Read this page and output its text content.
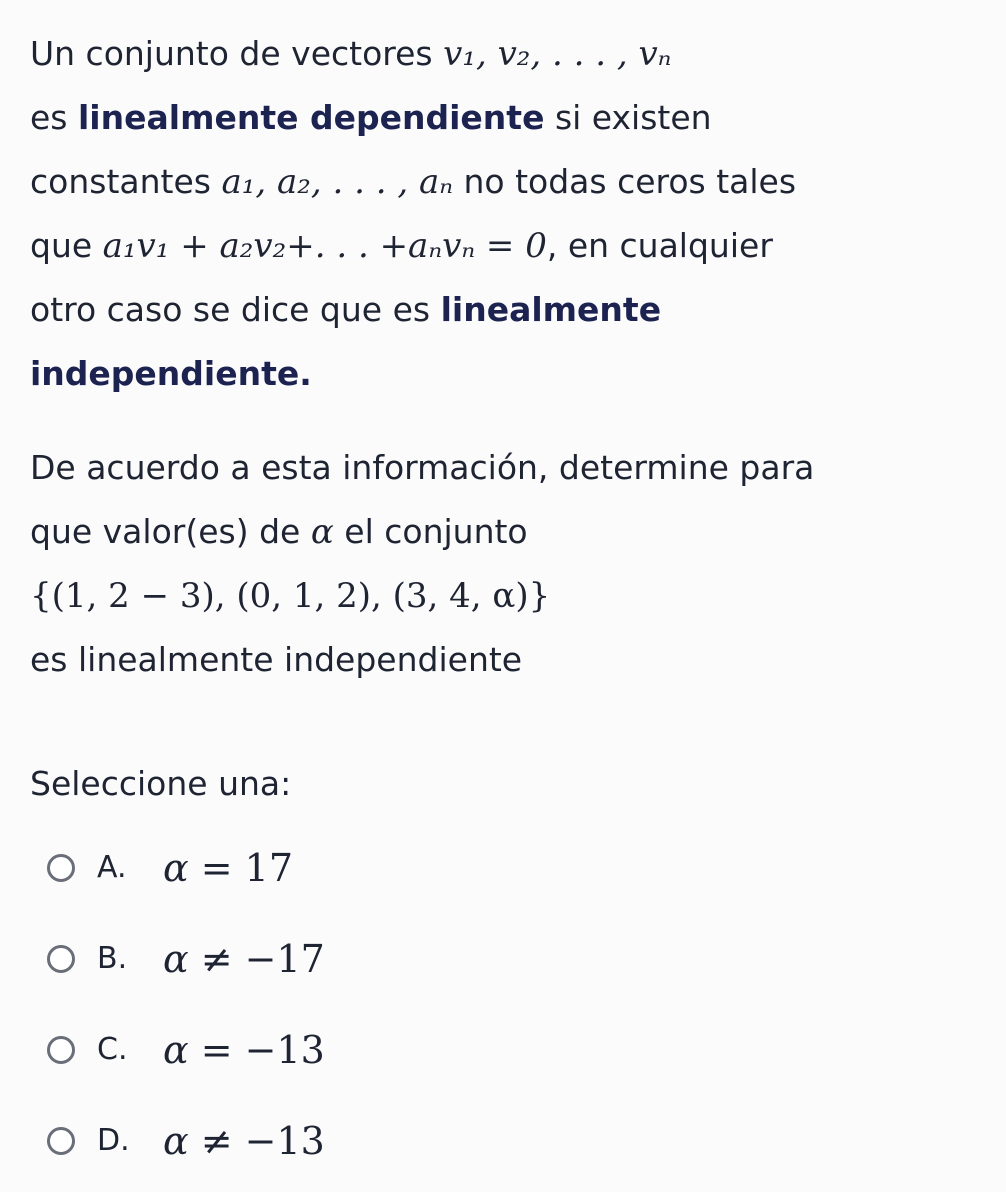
Un conjunto de vectores v₁, v₂, . . . , vₙ
es linealmente dependiente si existen
constantes a₁, a₂, . . . , aₙ no todas ceros tales
que a₁v₁ + a₂v₂+. . . +aₙvₙ = 0, en cualquier
otro caso se dice que es linealmente
independiente.
De acuerdo a esta información, determine para
que valor(es) de α el conjunto
{(1, 2 − 3), (0, 1, 2), (3, 4, α)}
es linealmente independiente
Seleccione una:
A. α = 17
B. α ≠ −17
C. α = −13
D. α ≠ −13
